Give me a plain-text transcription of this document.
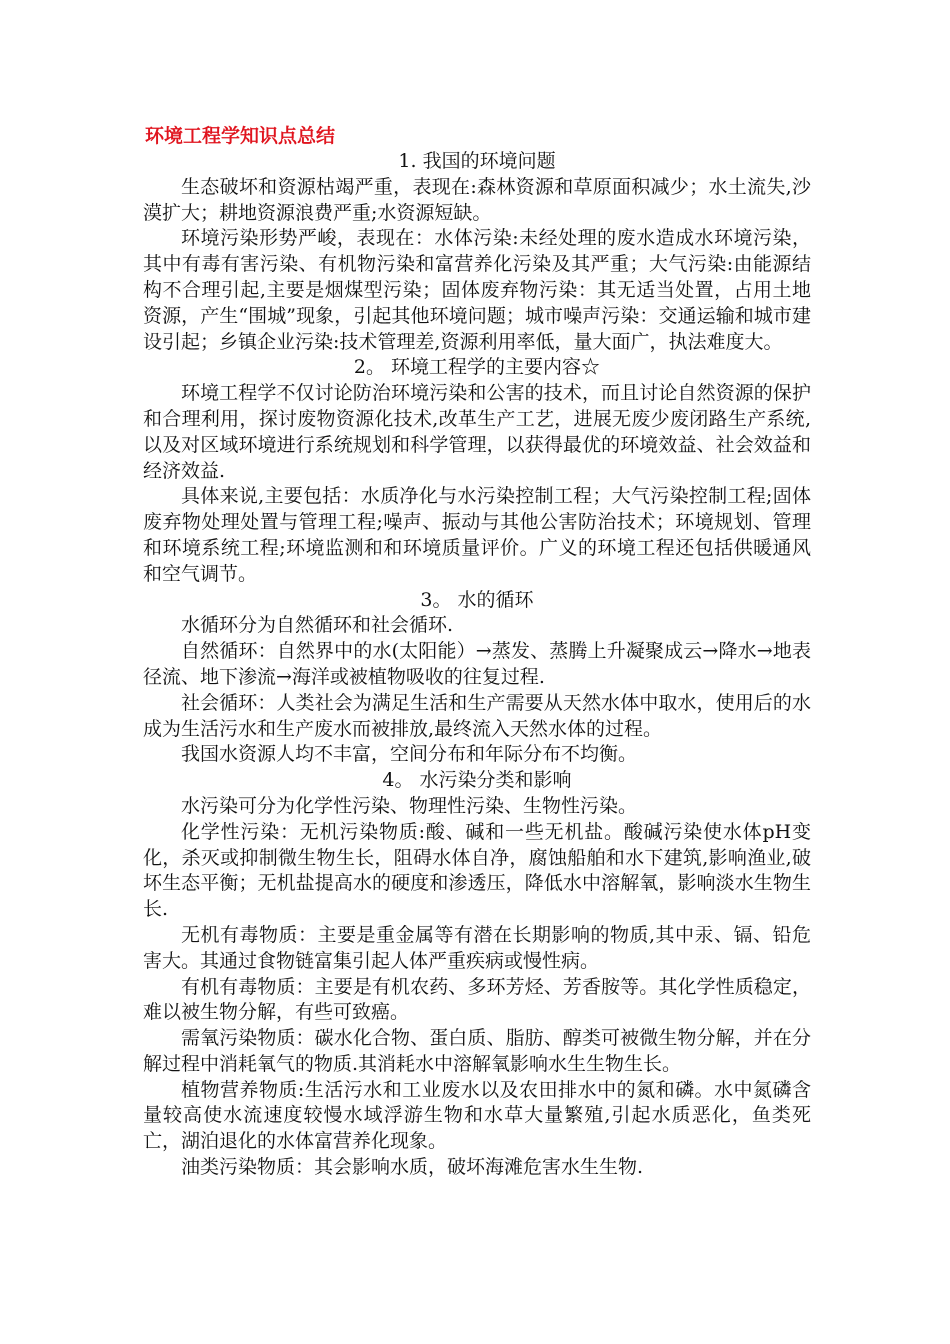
环境工程学知识点总结

1. 我国的环境问题

生态破坏和资源枯竭严重，表现在:森林资源和草原面积减少；水土流失,沙漠扩大；耕地资源浪费严重;水资源短缺。

环境污染形势严峻，表现在：水体污染:未经处理的废水造成水环境污染，其中有毒有害污染、有机物污染和富营养化污染及其严重；大气污染:由能源结构不合理引起,主要是烟煤型污染；固体废弃物污染：其无适当处置，占用土地资源，产生“围城”现象，引起其他环境问题；城市噪声污染：交通运输和城市建设引起；乡镇企业污染:技术管理差,资源利用率低，量大面广，执法难度大。

2。 环境工程学的主要内容☆

环境工程学不仅讨论防治环境污染和公害的技术，而且讨论自然资源的保护和合理利用，探讨废物资源化技术,改革生产工艺，进展无废少废闭路生产系统,以及对区域环境进行系统规划和科学管理，以获得最优的环境效益、社会效益和经济效益.

具体来说,主要包括：水质净化与水污染控制工程；大气污染控制工程;固体废弃物处理处置与管理工程;噪声、振动与其他公害防治技术；环境规划、管理和环境系统工程;环境监测和和环境质量评价。广义的环境工程还包括供暖通风和空气调节。

3。 水的循环

水循环分为自然循环和社会循环.

自然循环：自然界中的水(太阳能）→蒸发、蒸腾上升凝聚成云→降水→地表径流、地下渗流→海洋或被植物吸收的往复过程.

社会循环：人类社会为满足生活和生产需要从天然水体中取水，使用后的水成为生活污水和生产废水而被排放,最终流入天然水体的过程。

我国水资源人均不丰富，空间分布和年际分布不均衡。

4。 水污染分类和影响

水污染可分为化学性污染、物理性污染、生物性污染。

化学性污染：无机污染物质:酸、碱和一些无机盐。酸碱污染使水体pH变化，杀灭或抑制微生物生长，阻碍水体自净，腐蚀船舶和水下建筑,影响渔业,破坏生态平衡；无机盐提高水的硬度和渗透压，降低水中溶解氧，影响淡水生物生长.

无机有毒物质：主要是重金属等有潜在长期影响的物质,其中汞、镉、铅危害大。其通过食物链富集引起人体严重疾病或慢性病。

有机有毒物质：主要是有机农药、多环芳烃、芳香胺等。其化学性质稳定，难以被生物分解，有些可致癌。

需氧污染物质：碳水化合物、蛋白质、脂肪、醇类可被微生物分解，并在分解过程中消耗氧气的物质.其消耗水中溶解氧影响水生生物生长。

植物营养物质:生活污水和工业废水以及农田排水中的氮和磷。水中氮磷含量较高使水流速度较慢水域浮游生物和水草大量繁殖,引起水质恶化，鱼类死亡，湖泊退化的水体富营养化现象。

油类污染物质：其会影响水质，破坏海滩危害水生生物.
